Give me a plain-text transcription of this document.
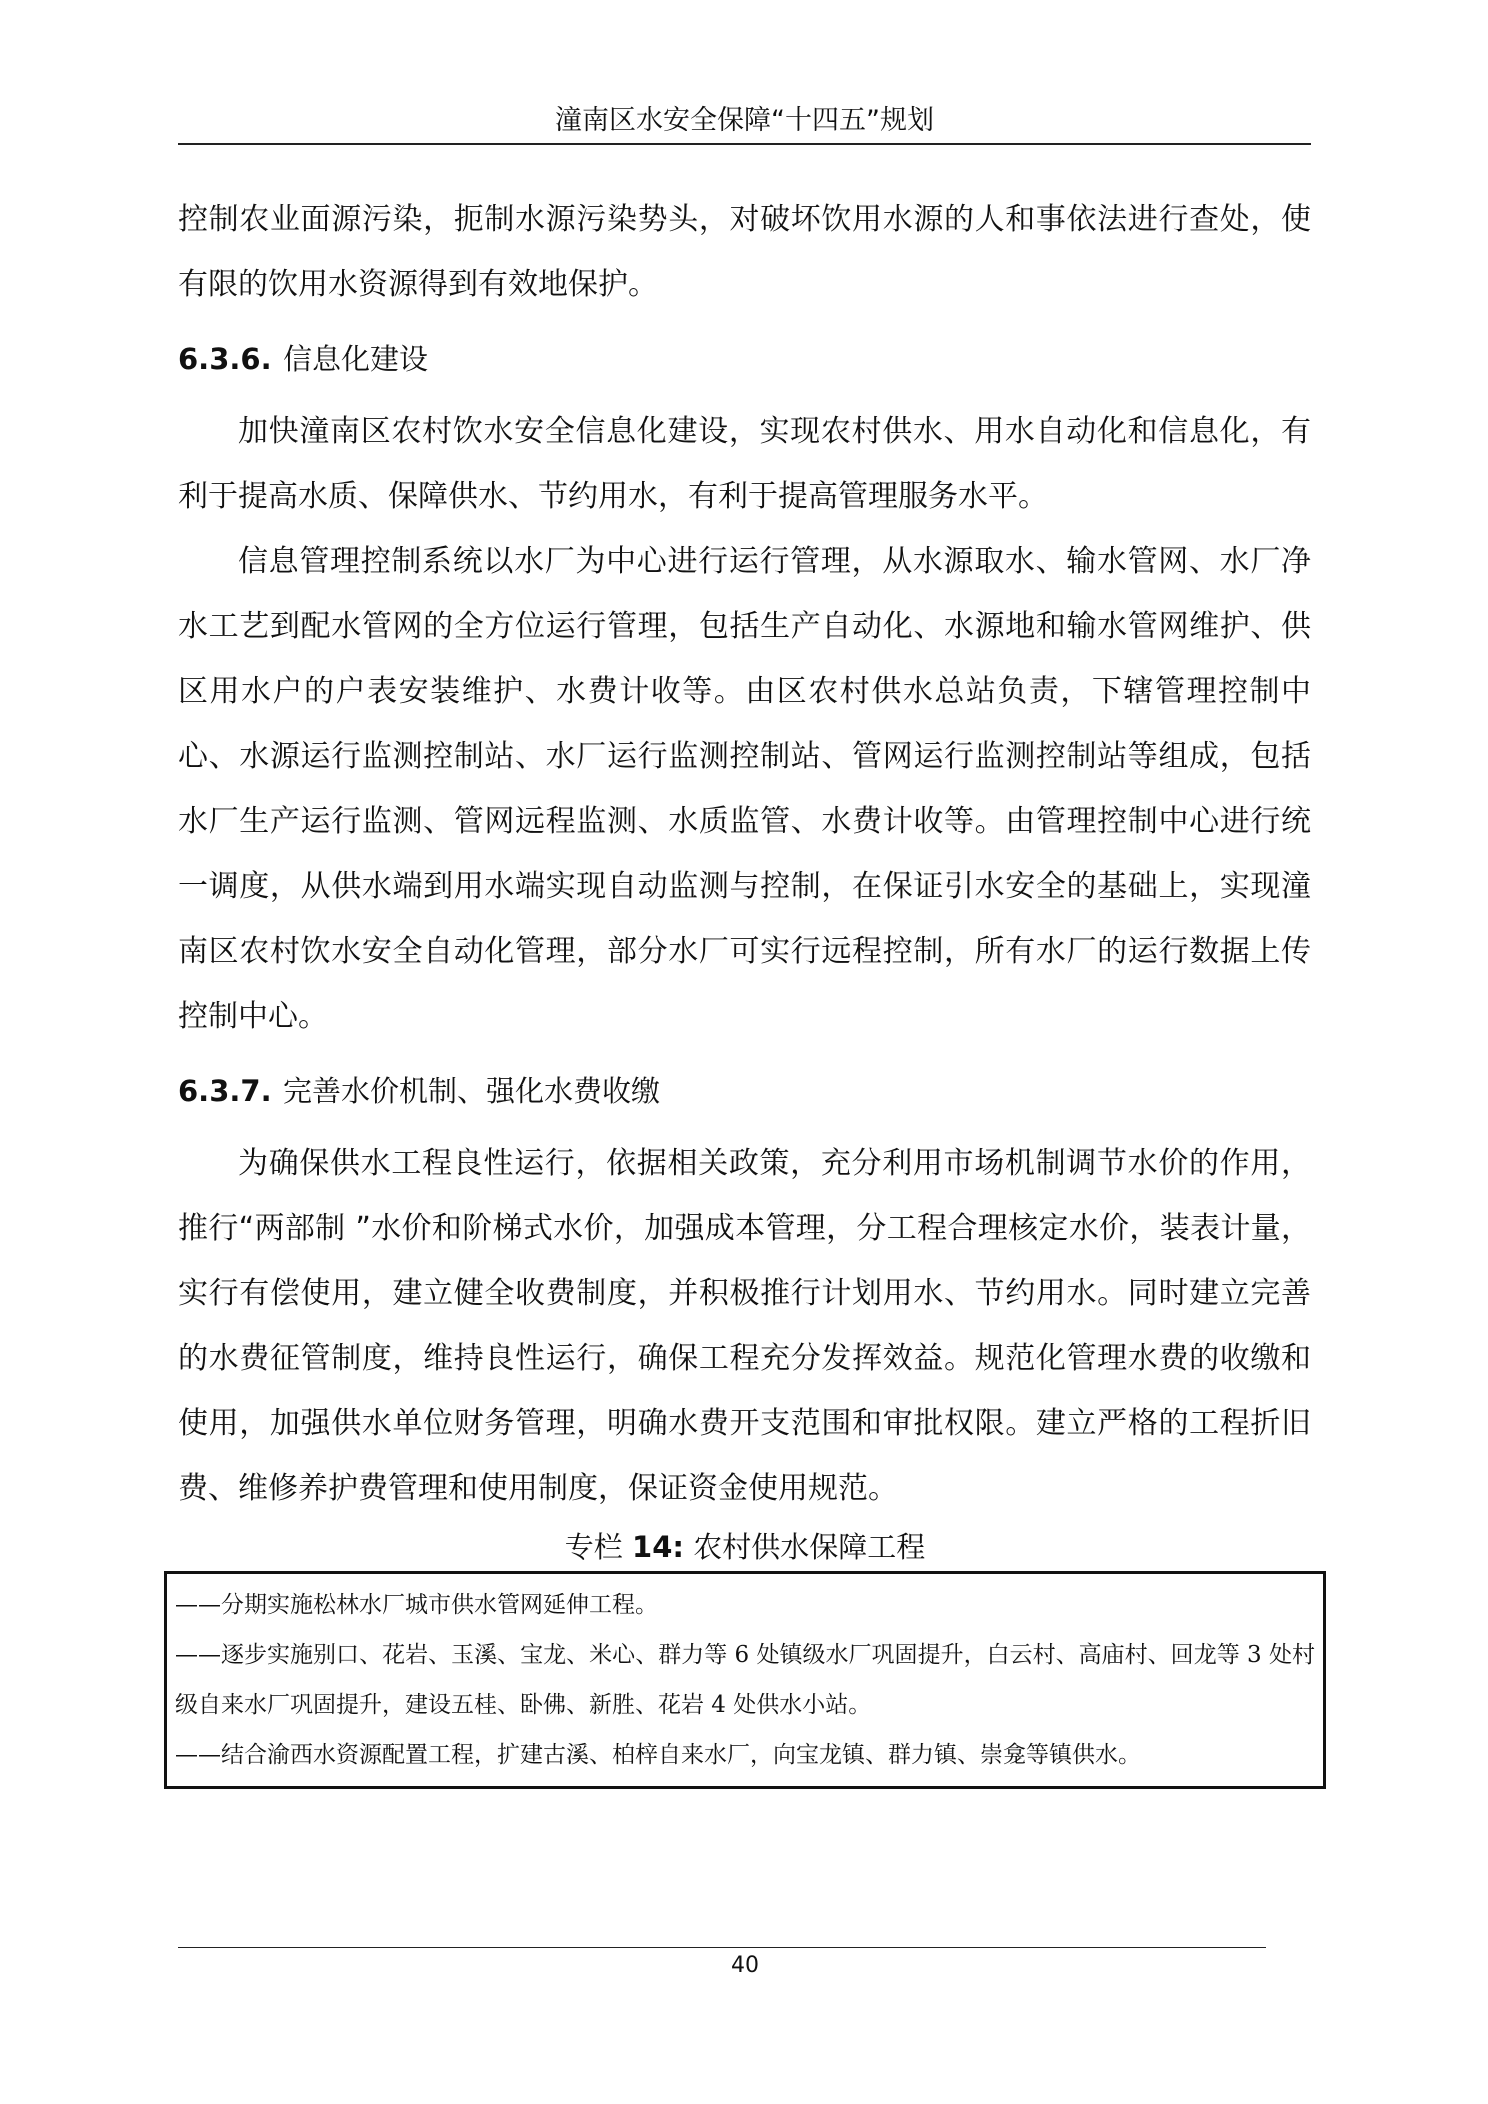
潼南区水安全保障“十四五”规划

控制农业面源污染，扼制水源污染势头，对破坏饮用水源的人和事依法进行查处，使有限的饮用水资源得到有效地保护。

6.3.6. 信息化建设

加快潼南区农村饮水安全信息化建设，实现农村供水、用水自动化和信息化，有利于提高水质、保障供水、节约用水，有利于提高管理服务水平。

信息管理控制系统以水厂为中心进行运行管理，从水源取水、输水管网、水厂净水工艺到配水管网的全方位运行管理，包括生产自动化、水源地和输水管网维护、供区用水户的户表安装维护、水费计收等。由区农村供水总站负责，下辖管理控制中心、水源运行监测控制站、水厂运行监测控制站、管网运行监测控制站等组成，包括水厂生产运行监测、管网远程监测、水质监管、水费计收等。由管理控制中心进行统一调度，从供水端到用水端实现自动监测与控制，在保证引水安全的基础上，实现潼南区农村饮水安全自动化管理，部分水厂可实行远程控制，所有水厂的运行数据上传控制中心。

6.3.7. 完善水价机制、强化水费收缴

为确保供水工程良性运行，依据相关政策，充分利用市场机制调节水价的作用，推行“两部制 ”水价和阶梯式水价，加强成本管理，分工程合理核定水价，装表计量，实行有偿使用，建立健全收费制度，并积极推行计划用水、节约用水。同时建立完善的水费征管制度，维持良性运行，确保工程充分发挥效益。规范化管理水费的收缴和使用，加强供水单位财务管理，明确水费开支范围和审批权限。建立严格的工程折旧费、维修养护费管理和使用制度，保证资金使用规范。

专栏 14: 农村供水保障工程

——分期实施松林水厂城市供水管网延伸工程。

——逐步实施别口、花岩、玉溪、宝龙、米心、群力等 6 处镇级水厂巩固提升，白云村、高庙村、回龙等 3 处村级自来水厂巩固提升，建设五桂、卧佛、新胜、花岩 4 处供水小站。

——结合渝西水资源配置工程，扩建古溪、柏梓自来水厂，向宝龙镇、群力镇、崇龛等镇供水。

40
